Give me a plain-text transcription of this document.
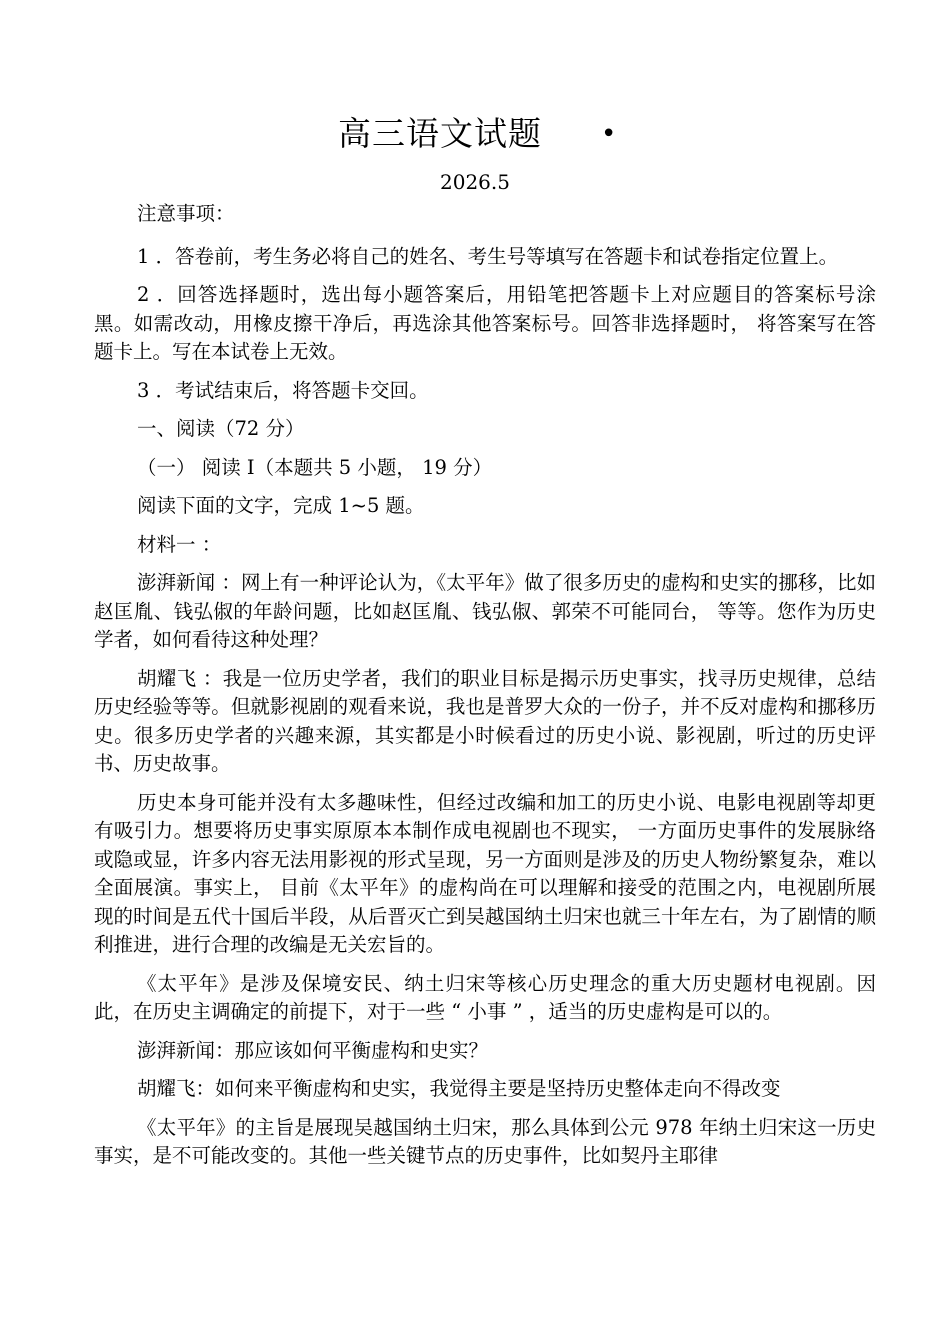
高三语文试题 •
2026.5

注意事项：

1 ．答卷前，考生务必将自己的姓名、考生号等填写在答题卡和试卷指定位置上。

2 ．回答选择题时，选出每小题答案后，用铅笔把答题卡上对应题目的答案标号涂黑。如需改动，用橡皮擦干净后，再选涂其他答案标号。回答非选择题时， 将答案写在答题卡上。写在本试卷上无效。

3 ．考试结束后，将答题卡交回。

一、阅读（72 分）

（一） 阅读 I（本题共 5 小题， 19 分）

阅读下面的文字，完成 1~5 题。

材料一 ：

澎湃新闻 ：网上有一种评论认为，《太平年》做了很多历史的虚构和史实的挪移，比如赵匡胤、钱弘俶的年龄问题，比如赵匡胤、钱弘俶、郭荣不可能同台， 等等。您作为历史学者，如何看待这种处理？

胡耀飞 ：我是一位历史学者，我们的职业目标是揭示历史事实，找寻历史规律，总结历史经验等等。但就影视剧的观看来说，我也是普罗大众的一份子，并不反对虚构和挪移历史。很多历史学者的兴趣来源，其实都是小时候看过的历史小说、影视剧，听过的历史评书、历史故事。

历史本身可能并没有太多趣味性，但经过改编和加工的历史小说、电影电视剧等却更有吸引力。想要将历史事实原原本本制作成电视剧也不现实， 一方面历史事件的发展脉络或隐或显，许多内容无法用影视的形式呈现，另一方面则是涉及的历史人物纷繁复杂，难以全面展演。事实上， 目前《太平年》的虚构尚在可以理解和接受的范围之内，电视剧所展现的时间是五代十国后半段，从后晋灭亡到吴越国纳土归宋也就三十年左右，为了剧情的顺利推进，进行合理的改编是无关宏旨的。

《太平年》是涉及保境安民、纳土归宋等核心历史理念的重大历史题材电视剧。因此，在历史主调确定的前提下，对于一些 “ 小事 ” ，适当的历史虚构是可以的。

澎湃新闻：那应该如何平衡虚构和史实？

胡耀飞：如何来平衡虚构和史实，我觉得主要是坚持历史整体走向不得改变

《太平年》的主旨是展现吴越国纳土归宋，那么具体到公元 978 年纳土归宋这一历史事实，是不可能改变的。其他一些关键节点的历史事件，比如契丹主耶律
